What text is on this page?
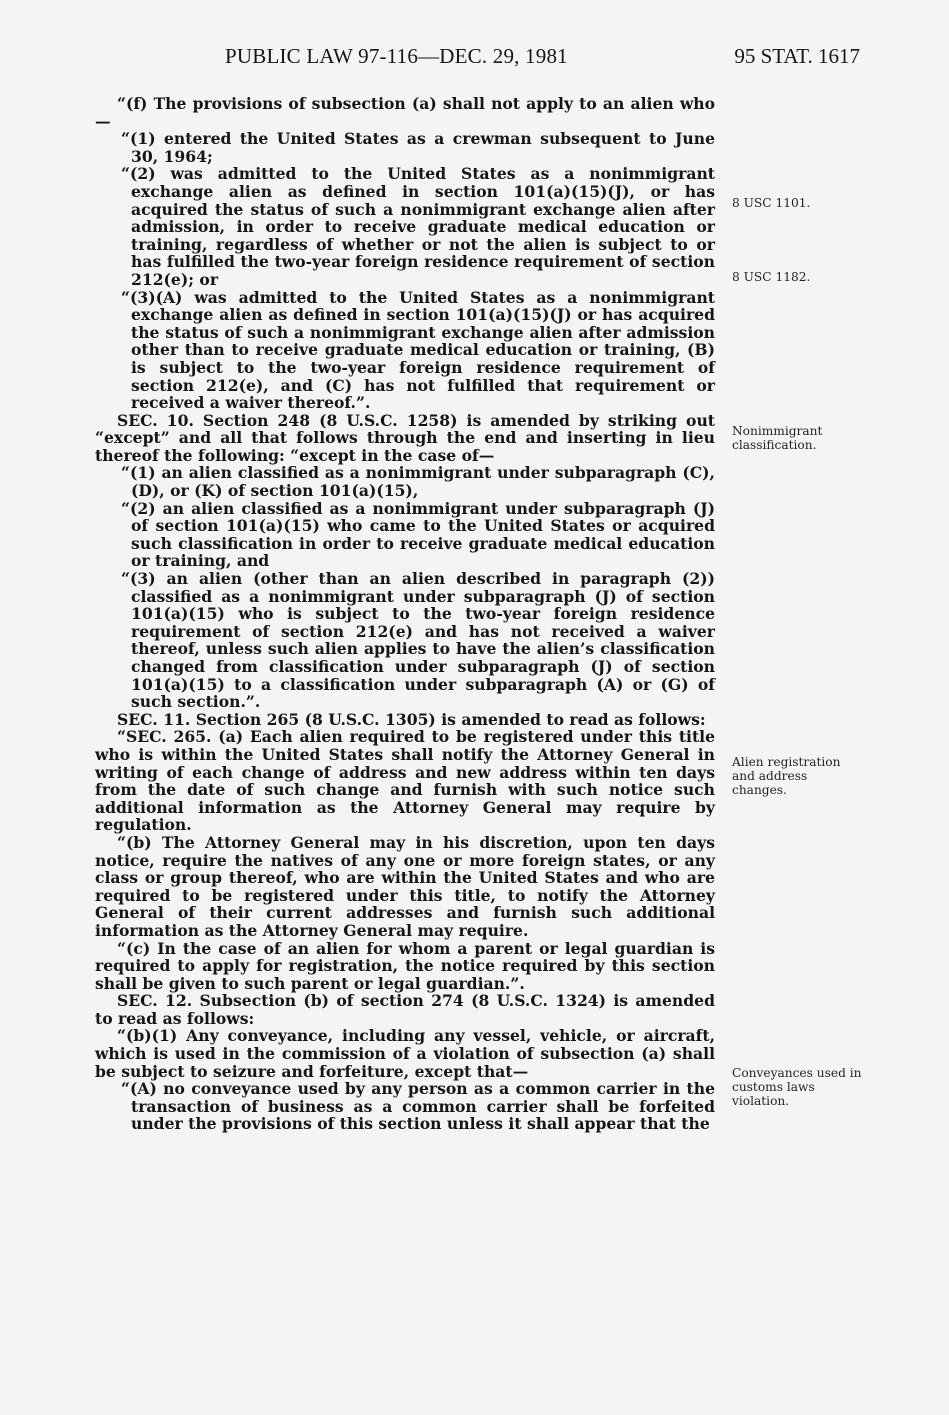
PUBLIC LAW 97-116—DEC. 29, 1981	95 STAT. 1617

“(f) The provisions of subsection (a) shall not apply to an alien who—

“(1) entered the United States as a crewman subsequent to June 30, 1964;

“(2) was admitted to the United States as a nonimmigrant exchange alien as defined in section 101(a)(15)(J), or has acquired the status of such a nonimmigrant exchange alien after admission, in order to receive graduate medical education or training, regardless of whether or not the alien is subject to or has fulfilled the two-year foreign residence requirement of section 212(e); or

“(3)(A) was admitted to the United States as a nonimmigrant exchange alien as defined in section 101(a)(15)(J) or has acquired the status of such a nonimmigrant exchange alien after admission other than to receive graduate medical education or training, (B) is subject to the two-year foreign residence requirement of section 212(e), and (C) has not fulfilled that requirement or received a waiver thereof.”.

SEC. 10. Section 248 (8 U.S.C. 1258) is amended by striking out “except” and all that follows through the end and inserting in lieu thereof the following: “except in the case of—

“(1) an alien classified as a nonimmigrant under subparagraph (C), (D), or (K) of section 101(a)(15),

“(2) an alien classified as a nonimmigrant under subparagraph (J) of section 101(a)(15) who came to the United States or acquired such classification in order to receive graduate medical education or training, and

“(3) an alien (other than an alien described in paragraph (2)) classified as a nonimmigrant under subparagraph (J) of section 101(a)(15) who is subject to the two-year foreign residence requirement of section 212(e) and has not received a waiver thereof, unless such alien applies to have the alien’s classification changed from classification under subparagraph (J) of section 101(a)(15) to a classification under subparagraph (A) or (G) of such section.”.

SEC. 11. Section 265 (8 U.S.C. 1305) is amended to read as follows:

“SEC. 265. (a) Each alien required to be registered under this title who is within the United States shall notify the Attorney General in writing of each change of address and new address within ten days from the date of such change and furnish with such notice such additional information as the Attorney General may require by regulation.

“(b) The Attorney General may in his discretion, upon ten days notice, require the natives of any one or more foreign states, or any class or group thereof, who are within the United States and who are required to be registered under this title, to notify the Attorney General of their current addresses and furnish such additional information as the Attorney General may require.

“(c) In the case of an alien for whom a parent or legal guardian is required to apply for registration, the notice required by this section shall be given to such parent or legal guardian.”.

SEC. 12. Subsection (b) of section 274 (8 U.S.C. 1324) is amended to read as follows:

“(b)(1) Any conveyance, including any vessel, vehicle, or aircraft, which is used in the commission of a violation of subsection (a) shall be subject to seizure and forfeiture, except that—

“(A) no conveyance used by any person as a common carrier in the transaction of business as a common carrier shall be forfeited under the provisions of this section unless it shall appear that the

8 USC 1101.
8 USC 1182.
Nonimmigrant classification.
Alien registration and address changes.
Conveyances used in customs laws violation.
